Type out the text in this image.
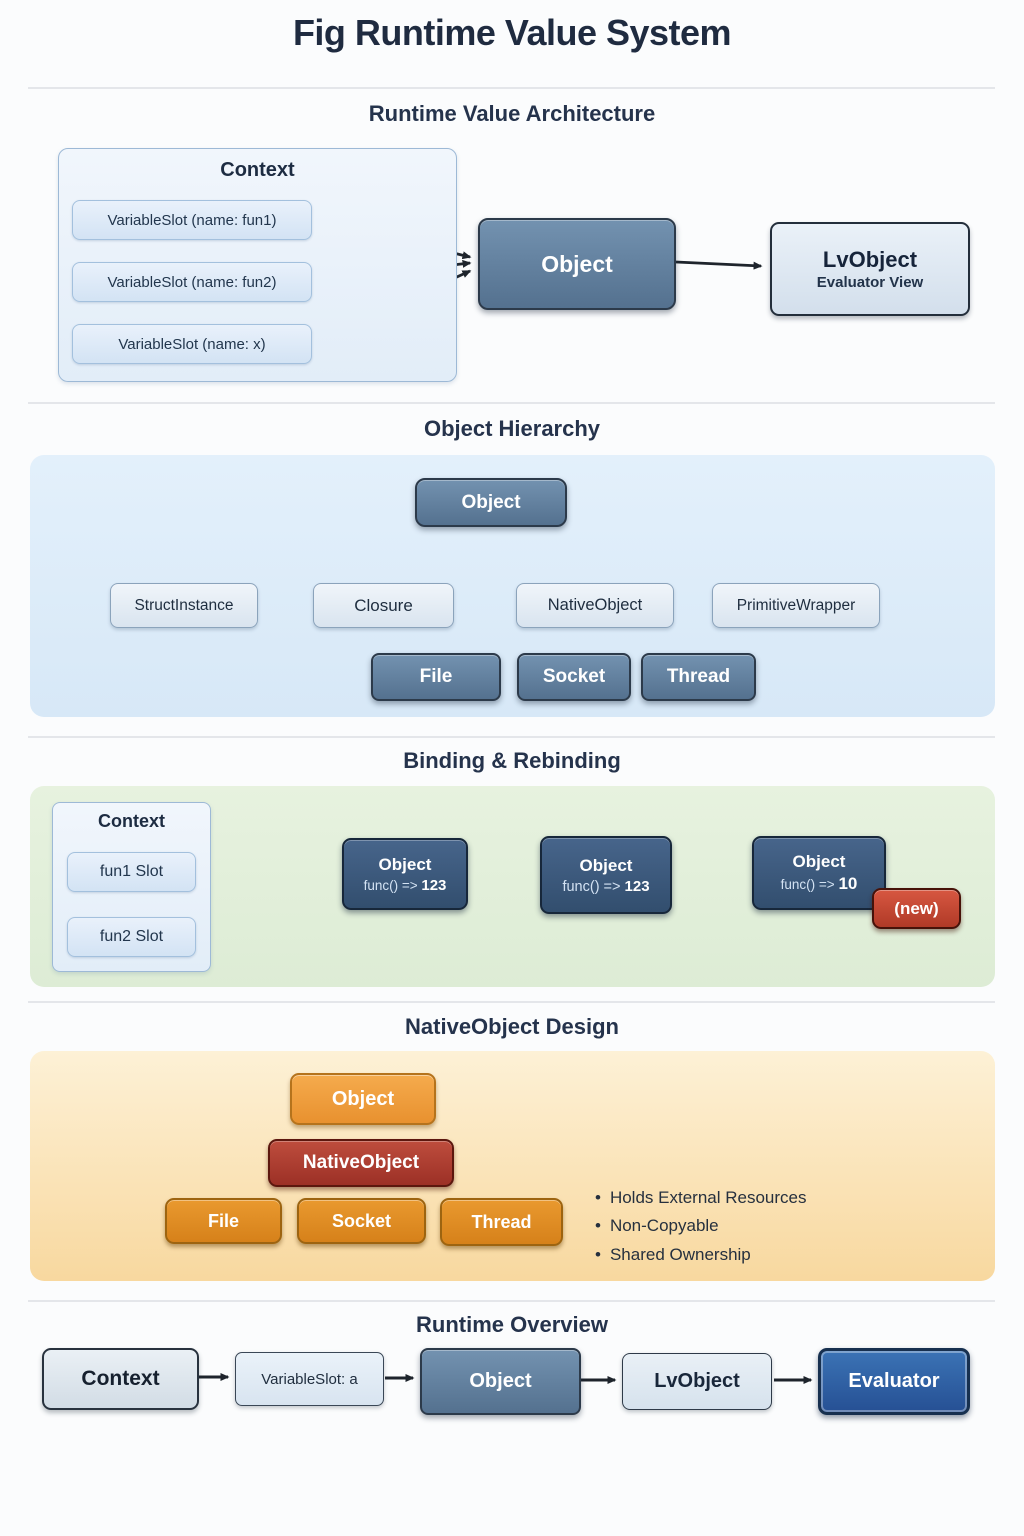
Fig Runtime Value System
Runtime Value Architecture
Context
VariableSlot (name: fun1)
VariableSlot (name: fun2)
VariableSlot (name: x)
Object	LvObject
Evaluator View
Object Hierarchy
Object
StructInstance	Closure	NativeObject	PrimitiveWrapper
File	Socket	Thread
Binding & Rebinding
Context
fun1 Slot
fun2 Slot
Object
func() => 123
Object
func() => 123
Object
func() => 10
(new)
NativeObject Design
Object
NativeObject
File	Socket	Thread
• Holds External Resources
• Non-Copyable
• Shared Ownership
Runtime Overview
Context	VariableSlot: a	Object	LvObject	Evaluator
